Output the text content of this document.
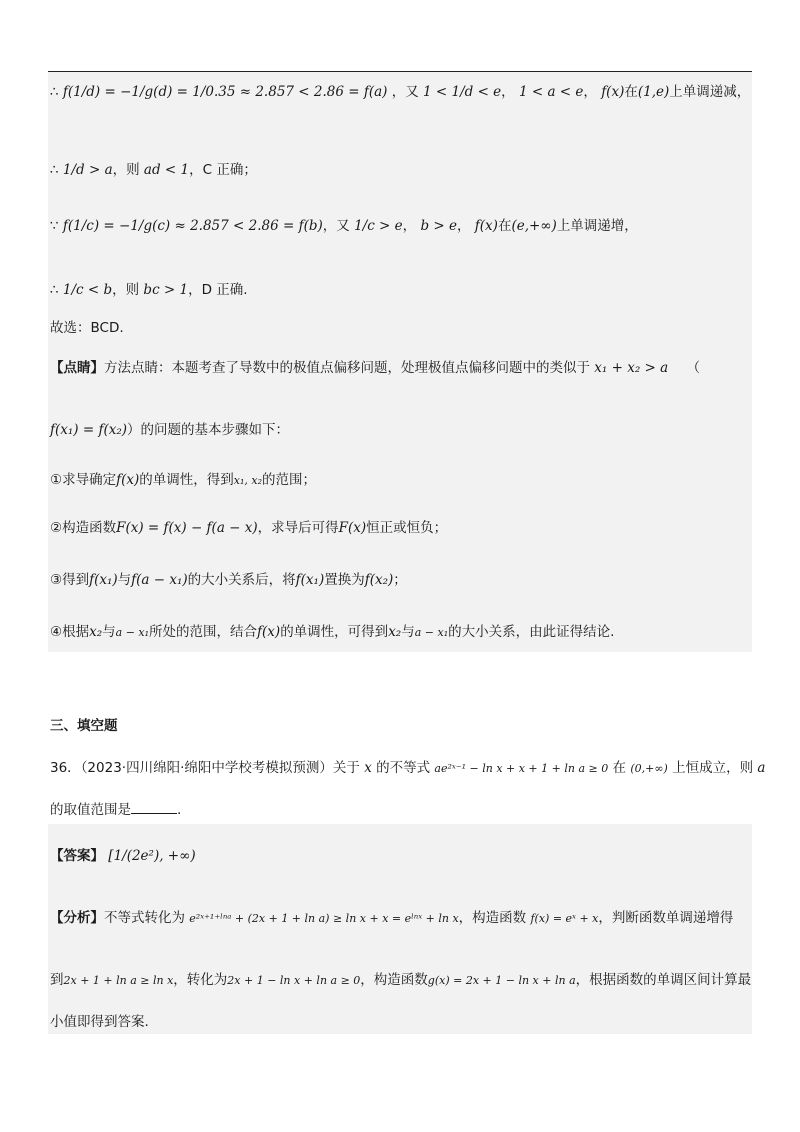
∴ f(1/d) = −1/g(d) = 1/0.35 ≈ 2.857 < 2.86 = f(a) ，又 1 < 1/d < e， 1 < a < e， f(x)在(1,e)上单调递减，
∴ 1/d > a，则 ad < 1，C 正确；
∵ f(1/c) = −1/g(c) ≈ 2.857 < 2.86 = f(b)，又 1/c > e， b > e， f(x)在(e,+∞)上单调递增，
∴ 1/c < b，则 bc > 1，D 正确.
故选：BCD.
【点睛】方法点睛：本题考查了导数中的极值点偏移问题，处理极值点偏移问题中的类似于 x₁ + x₂ > a （
f(x₁) = f(x₂)）的问题的基本步骤如下：
①求导确定f(x)的单调性，得到x₁, x₂的范围；
②构造函数F(x) = f(x) − f(a − x)，求导后可得F(x)恒正或恒负；
③得到f(x₁)与f(a − x₁)的大小关系后，将f(x₁)置换为f(x₂)；
④根据x₂与a − x₁所处的范围，结合f(x)的单调性，可得到x₂与a − x₁的大小关系，由此证得结论.
三、填空题
36．（2023·四川绵阳·绵阳中学校考模拟预测）关于 x 的不等式 ae²ˣ⁻¹ − ln x + x + 1 + ln a ≥ 0 在 (0,+∞) 上恒成立，则 a
的取值范围是	.
【答案】 [1/(2e²), +∞)
【分析】不等式转化为 e²ˣ⁺¹⁺ˡⁿᵃ + (2x + 1 + ln a) ≥ ln x + x = eˡⁿˣ + ln x，构造函数 f(x) = eˣ + x，判断函数单调递增得
到2x + 1 + ln a ≥ ln x，转化为2x + 1 − ln x + ln a ≥ 0，构造函数g(x) = 2x + 1 − ln x + ln a，根据函数的单调区间计算最
小值即得到答案.
